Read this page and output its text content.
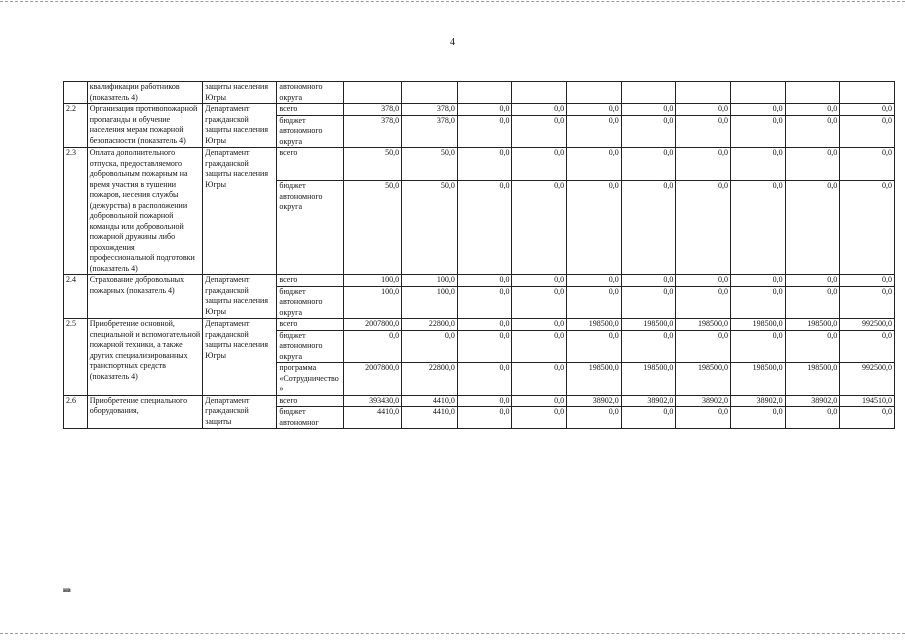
4
	квалификации работников (показатель 4)	защиты населения Югры	автономного округа										
2.2	Организация противопожарной пропаганды и обучение населения мерам пожарной безопасности (показатель 4)	Департамент гражданской защиты населения Югры	всего	378,0	378,0	0,0	0,0	0,0	0,0	0,0	0,0	0,0	0,0
			бюджет автономного округа	378,0	378,0	0,0	0,0	0,0	0,0	0,0	0,0	0,0	0,0
2.3	Оплата дополнительного отпуска, предоставляемого добровольным пожарным на время участия в тушении пожаров, несения службы (дежурства) в расположении добровольной пожарной команды или добровольной пожарной дружины либо прохождения профессиональной подготовки (показатель 4)	Департамент гражданской защиты населения Югры	всего	50,0	50,0	0,0	0,0	0,0	0,0	0,0	0,0	0,0	0,0
			бюджет автономного округа	50,0	50,0	0,0	0,0	0,0	0,0	0,0	0,0	0,0	0,0
2.4	Страхование добровольных пожарных (показатель 4)	Департамент гражданской защиты населения Югры	всего	100,0	100,0	0,0	0,0	0,0	0,0	0,0	0,0	0,0	0,0
			бюджет автономного округа	100,0	100,0	0,0	0,0	0,0	0,0	0,0	0,0	0,0	0,0
2.5	Приобретение основной, специальной и вспомогательной пожарной техники, а также других специализированных транспортных средств (показатель 4)	Департамент гражданской защиты населения Югры	всего	2007800,0	22800,0	0,0	0,0	198500,0	198500,0	198500,0	198500,0	198500,0	992500,0
			бюджет автономного округа	0,0	0,0	0,0	0,0	0,0	0,0	0,0	0,0	0,0	0,0
			программа «Сотрудничество»	2007800,0	22800,0	0,0	0,0	198500,0	198500,0	198500,0	198500,0	198500,0	992500,0
2.6	Приобретение специального оборудования,	Департамент гражданской защиты	всего	393430,0	4410,0	0,0	0,0	38902,0	38902,0	38902,0	38902,0	38902,0	194510,0
			бюджет автономног	4410,0	4410,0	0,0	0,0	0,0	0,0	0,0	0,0	0,0	0,0
нв
